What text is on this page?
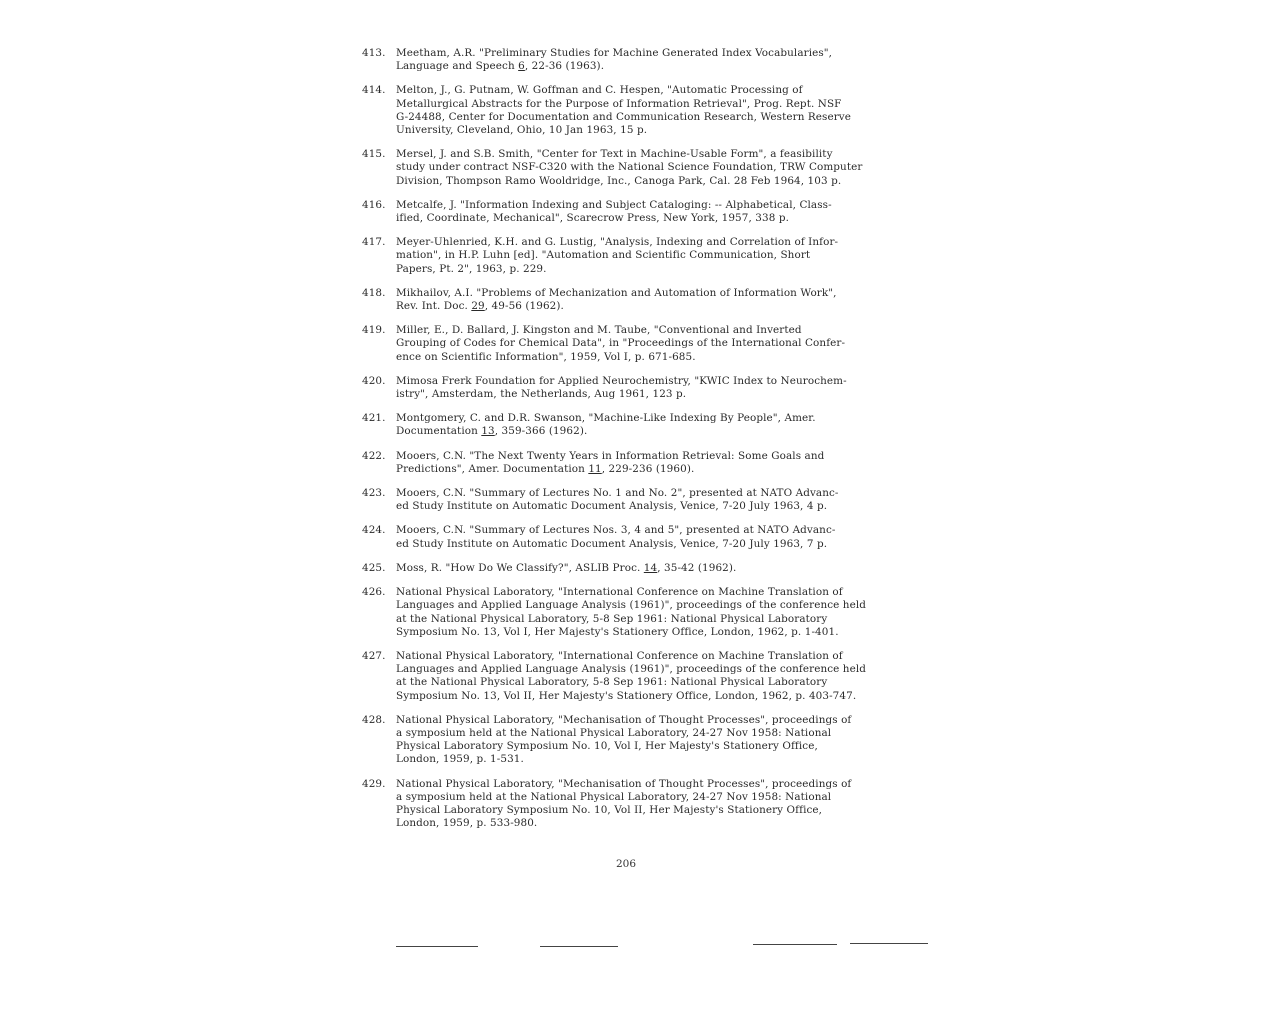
413. Meetham, A.R. "Preliminary Studies for Machine Generated Index Vocabularies",
Language and Speech 6, 22-36 (1963).
414. Melton, J., G. Putnam, W. Goffman and C. Hespen, "Automatic Processing of
Metallurgical Abstracts for the Purpose of Information Retrieval", Prog. Rept. NSF
G-24488, Center for Documentation and Communication Research, Western Reserve
University, Cleveland, Ohio, 10 Jan 1963, 15 p.
415. Mersel, J. and S.B. Smith, "Center for Text in Machine-Usable Form", a feasibility
study under contract NSF-C320 with the National Science Foundation, TRW Computer
Division, Thompson Ramo Wooldridge, Inc., Canoga Park, Cal. 28 Feb 1964, 103 p.
416. Metcalfe, J. "Information Indexing and Subject Cataloging: -- Alphabetical, Class-
ified, Coordinate, Mechanical", Scarecrow Press, New York, 1957, 338 p.
417. Meyer-Uhlenried, K.H. and G. Lustig, "Analysis, Indexing and Correlation of Infor-
mation", in H.P. Luhn [ed]. "Automation and Scientific Communication, Short
Papers, Pt. 2", 1963, p. 229.
418. Mikhailov, A.I. "Problems of Mechanization and Automation of Information Work",
Rev. Int. Doc. 29, 49-56 (1962).
419. Miller, E., D. Ballard, J. Kingston and M. Taube, "Conventional and Inverted
Grouping of Codes for Chemical Data", in "Proceedings of the International Confer-
ence on Scientific Information", 1959, Vol I, p. 671-685.
420. Mimosa Frerk Foundation for Applied Neurochemistry, "KWIC Index to Neurochem-
istry", Amsterdam, the Netherlands, Aug 1961, 123 p.
421. Montgomery, C. and D.R. Swanson, "Machine-Like Indexing By People", Amer.
Documentation 13, 359-366 (1962).
422. Mooers, C.N. "The Next Twenty Years in Information Retrieval: Some Goals and
Predictions", Amer. Documentation 11, 229-236 (1960).
423. Mooers, C.N. "Summary of Lectures No. 1 and No. 2", presented at NATO Advanc-
ed Study Institute on Automatic Document Analysis, Venice, 7-20 July 1963, 4 p.
424. Mooers, C.N. "Summary of Lectures Nos. 3, 4 and 5", presented at NATO Advanc-
ed Study Institute on Automatic Document Analysis, Venice, 7-20 July 1963, 7 p.
425. Moss, R. "How Do We Classify?", ASLIB Proc. 14, 35-42 (1962).
426. National Physical Laboratory, "International Conference on Machine Translation of
Languages and Applied Language Analysis (1961)", proceedings of the conference held
at the National Physical Laboratory, 5-8 Sep 1961: National Physical Laboratory
Symposium No. 13, Vol I, Her Majesty's Stationery Office, London, 1962, p. 1-401.
427. National Physical Laboratory, "International Conference on Machine Translation of
Languages and Applied Language Analysis (1961)", proceedings of the conference held
at the National Physical Laboratory, 5-8 Sep 1961: National Physical Laboratory
Symposium No. 13, Vol II, Her Majesty's Stationery Office, London, 1962, p. 403-747.
428. National Physical Laboratory, "Mechanisation of Thought Processes", proceedings of
a symposium held at the National Physical Laboratory, 24-27 Nov 1958: National
Physical Laboratory Symposium No. 10, Vol I, Her Majesty's Stationery Office,
London, 1959, p. 1-531.
429. National Physical Laboratory, "Mechanisation of Thought Processes", proceedings of
a symposium held at the National Physical Laboratory, 24-27 Nov 1958: National
Physical Laboratory Symposium No. 10, Vol II, Her Majesty's Stationery Office,
London, 1959, p. 533-980.
206
